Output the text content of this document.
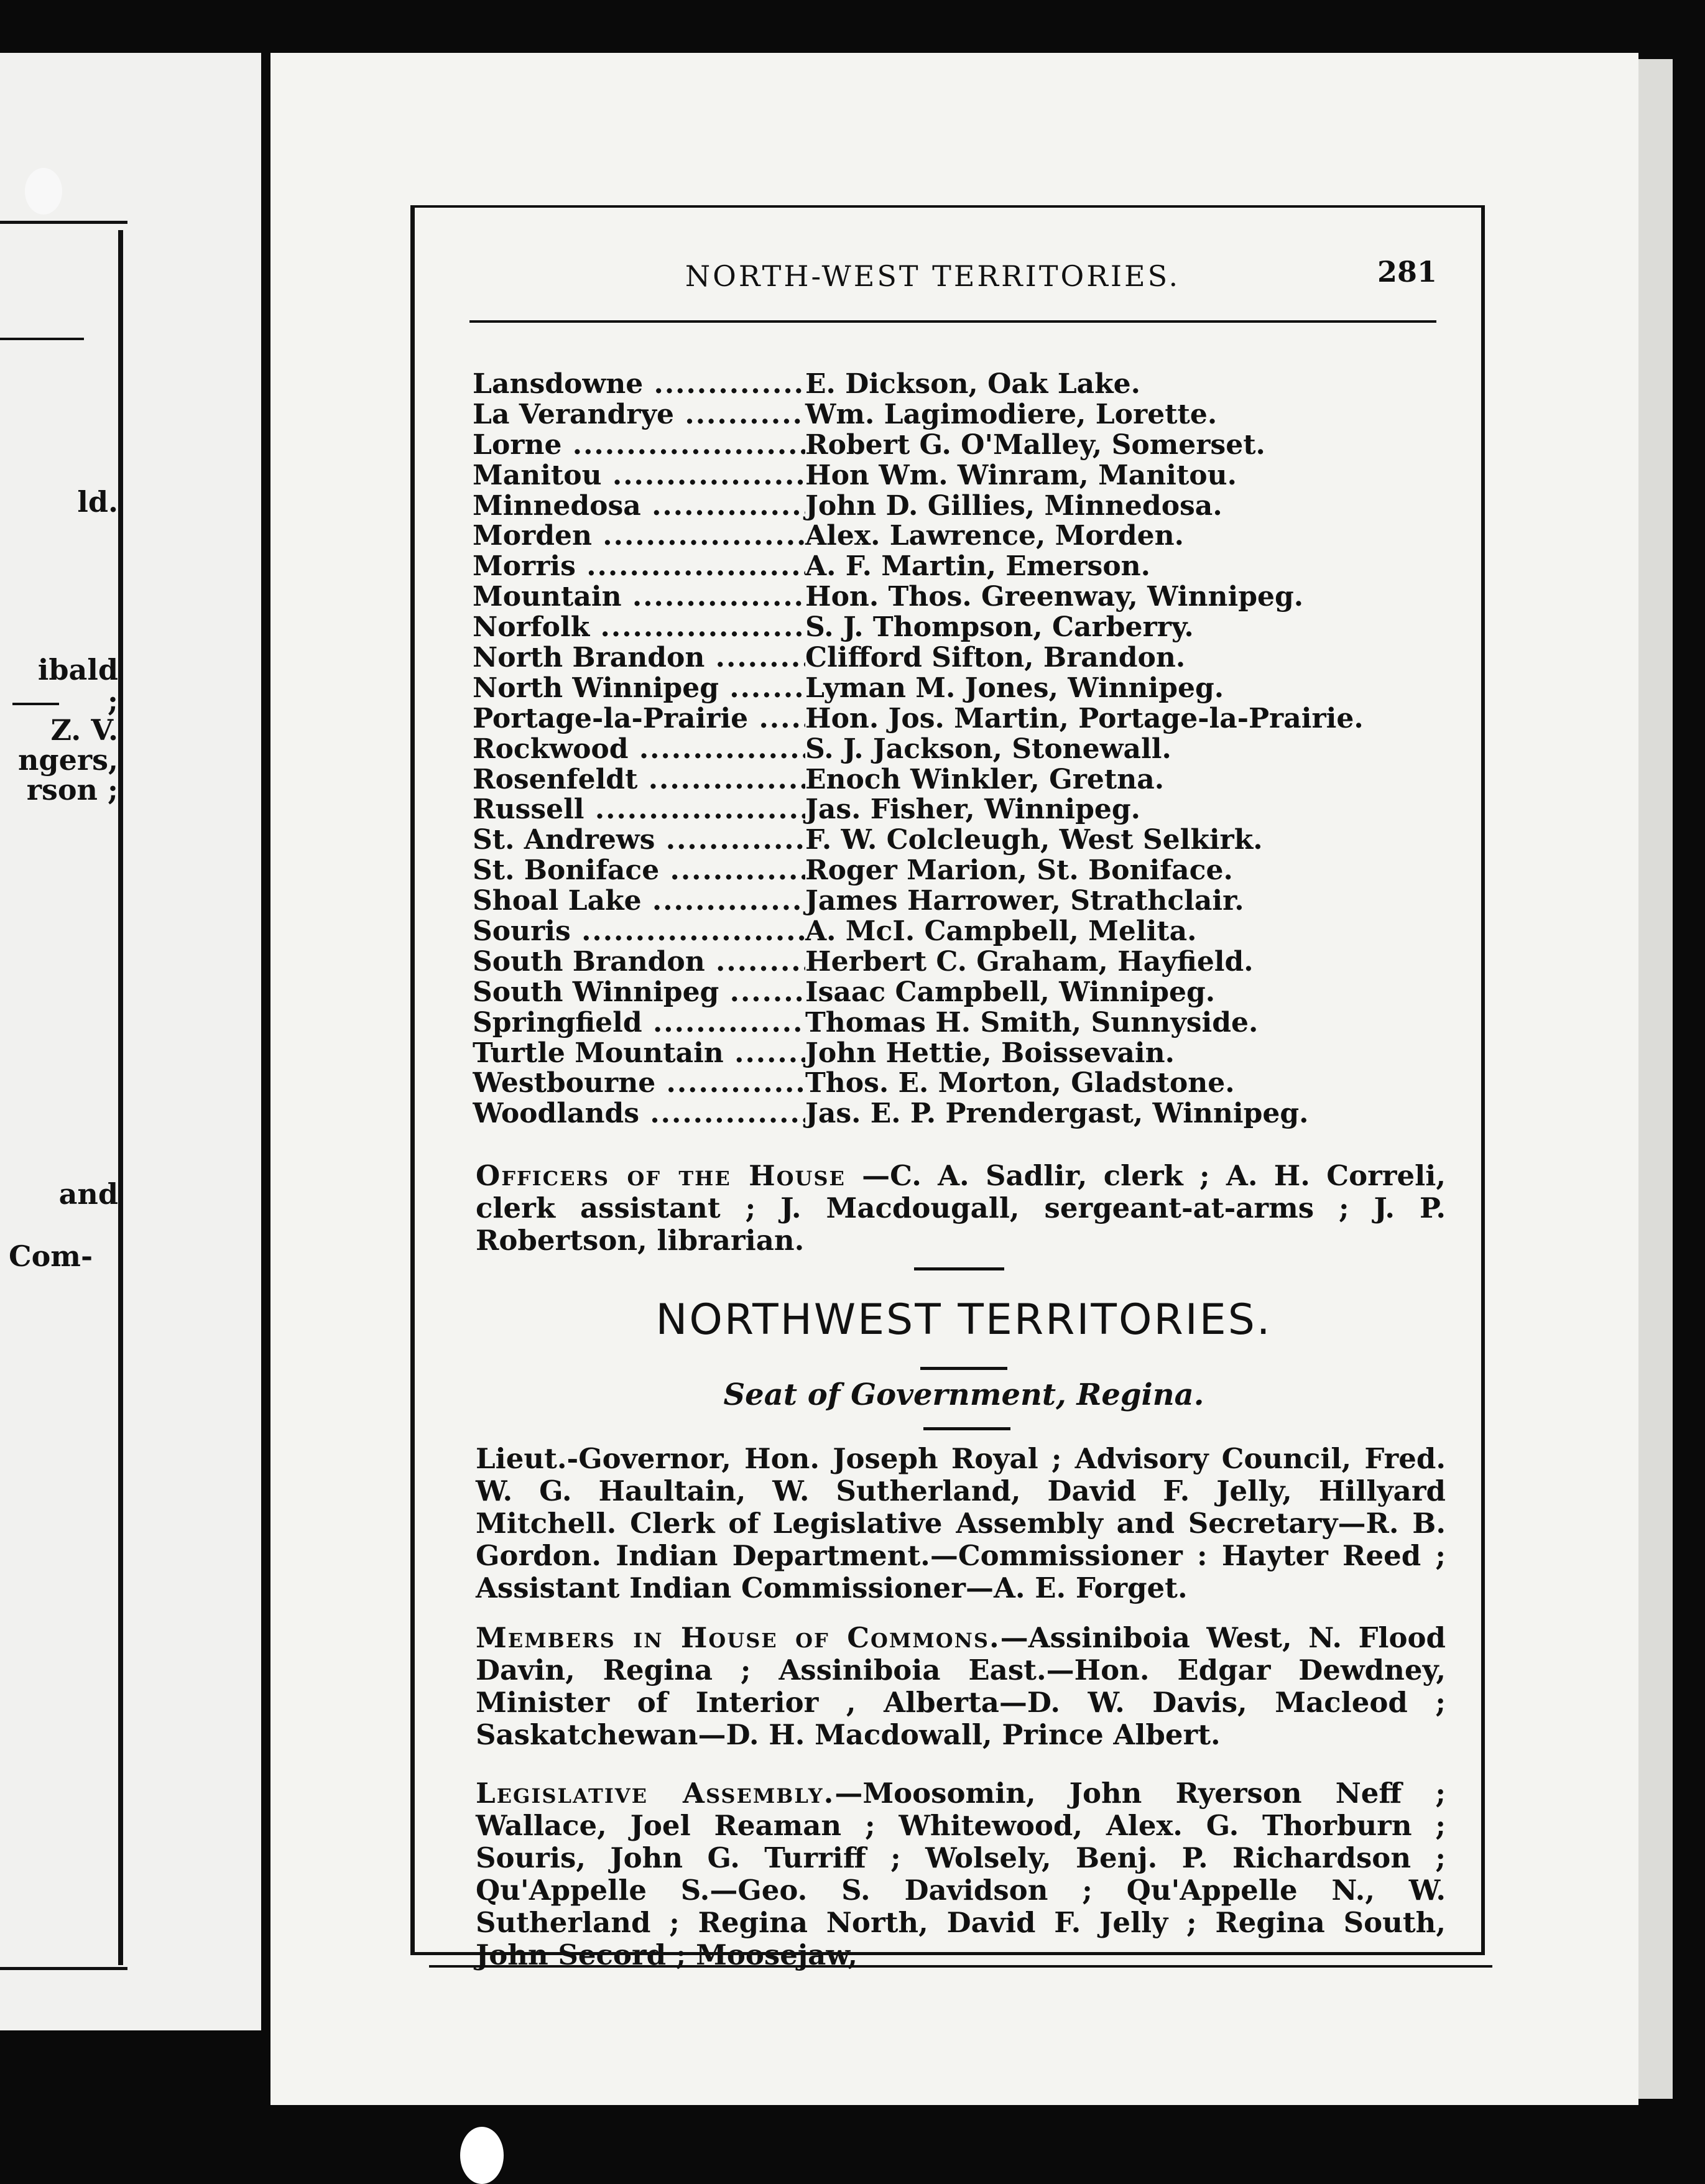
ld.
ibald
;
Z. V.
ngers,
rson ;
and
Com-
NORTH-WEST TERRITORIES.	281
Lansdowne .....	E. Dickson, Oak Lake.
La Verandrye .....	Wm. Lagimodiere, Lorette.
Lorne .....	Robert G. O'Malley, Somerset.
Manitou .....	Hon Wm. Winram, Manitou.
Minnedosa .....	John D. Gillies, Minnedosa.
Morden .....	Alex. Lawrence, Morden.
Morris .....	A. F. Martin, Emerson.
Mountain .....	Hon. Thos. Greenway, Winnipeg.
Norfolk .....	S. J. Thompson, Carberry.
North Brandon .....	Clifford Sifton, Brandon.
North Winnipeg .....	Lyman M. Jones, Winnipeg.
Portage-la-Prairie .....	Hon. Jos. Martin, Portage-la-Prairie.
Rockwood .....	S. J. Jackson, Stonewall.
Rosenfeldt .....	Enoch Winkler, Gretna.
Russell .....	Jas. Fisher, Winnipeg.
St. Andrews .....	F. W. Colcleugh, West Selkirk.
St. Boniface .....	Roger Marion, St. Boniface.
Shoal Lake .....	James Harrower, Strathclair.
Souris .....	A. McI. Campbell, Melita.
South Brandon .....	Herbert C. Graham, Hayfield.
South Winnipeg .....	Isaac Campbell, Winnipeg.
Springfield .....	Thomas H. Smith, Sunnyside.
Turtle Mountain .....	John Hettie, Boissevain.
Westbourne .....	Thos. E. Morton, Gladstone.
Woodlands .....	Jas. E. P. Prendergast, Winnipeg.
Officers of the House —C. A. Sadlir, clerk ; A. H. Correli, clerk assistant ; J. Macdougall, sergeant-at-arms ; J. P. Robertson, librarian.
NORTHWEST TERRITORIES.
Seat of Government, Regina.
Lieut.-Governor, Hon. Joseph Royal ; Advisory Council, Fred. W. G. Haultain, W. Sutherland, David F. Jelly, Hillyard Mitchell. Clerk of Legislative Assembly and Secretary—R. B. Gordon. Indian Department.—Commissioner : Hayter Reed ; Assistant Indian Commissioner—A. E. Forget.
Members in House of Commons.—Assiniboia West, N. Flood Davin, Regina ; Assiniboia East.—Hon. Edgar Dewdney, Minister of Interior , Alberta—D. W. Davis, Macleod ; Saskatchewan—D. H. Macdowall, Prince Albert.
Legislative Assembly.—Moosomin, John Ryerson Neff ; Wallace, Joel Reaman ; Whitewood, Alex. G. Thorburn ; Souris, John G. Turriff ; Wolsely, Benj. P. Richardson ; Qu'Appelle S.—Geo. S. Davidson ; Qu'Appelle N., W. Sutherland ; Regina North, David F. Jelly ; Regina South, John Secord ; Moosejaw,
